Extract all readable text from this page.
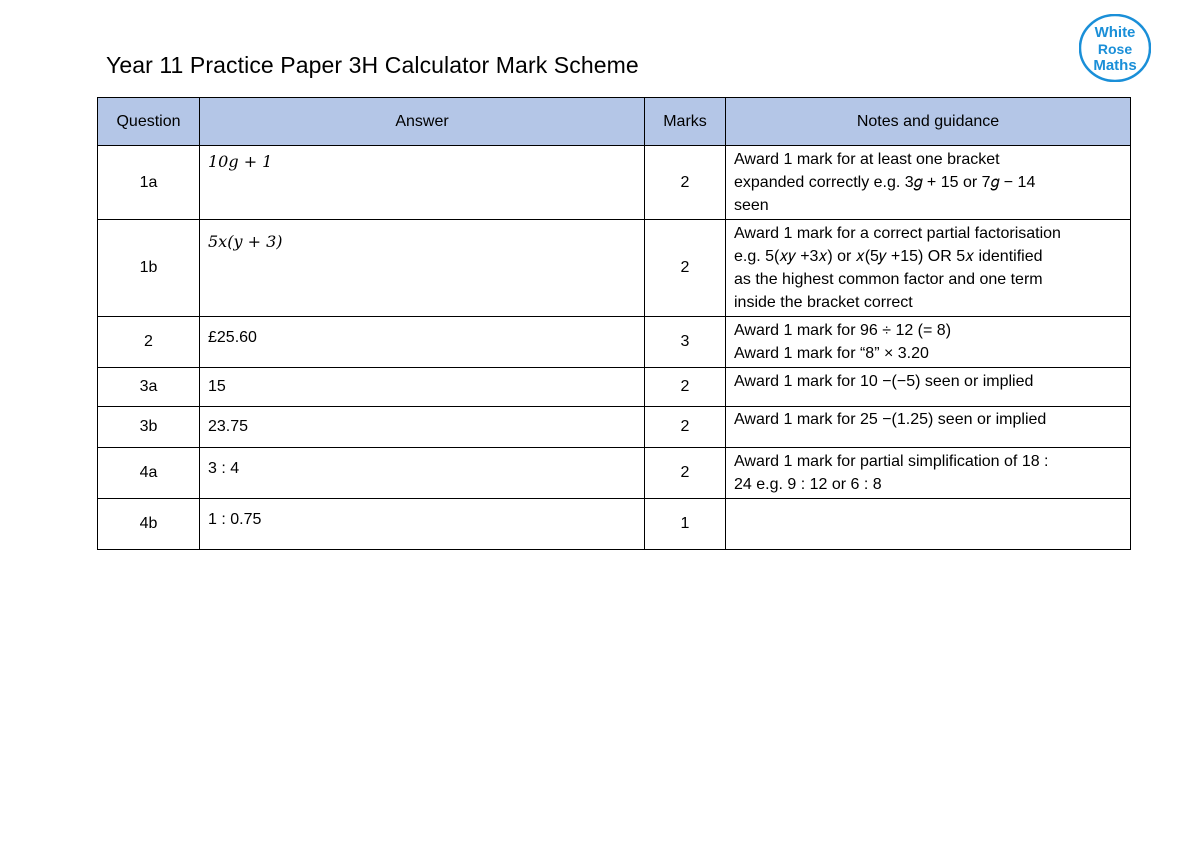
Year 11 Practice Paper 3H Calculator Mark Scheme
White
Rose
Maths
Question	Answer	Marks	Notes and guidance
1a	10𝑔 + 1	2	Award 1 mark for at least one bracket
expanded correctly e.g. 3𝑔 + 15 or 7𝑔 − 14
seen

1b	5𝑥(𝑦 + 3)	2	Award 1 mark for a correct partial factorisation
e.g. 5(𝑥𝑦 +3𝑥) or 𝑥(5𝑦 +15) OR 5𝑥 identified
as the highest common factor and one term
inside the bracket correct

2	£25.60	3	Award 1 mark for 96 ÷ 12 (= 8)
Award 1 mark for “8” × 3.20

3a	15	2	Award 1 mark for 10 −(−5) seen or implied

3b	23.75	2	Award 1 mark for 25 −(1.25) seen or implied

4a	3 : 4	2	Award 1 mark for partial simplification of 18 :
24 e.g. 9 : 12 or 6 : 8

4b	1 : 0.75	1	
